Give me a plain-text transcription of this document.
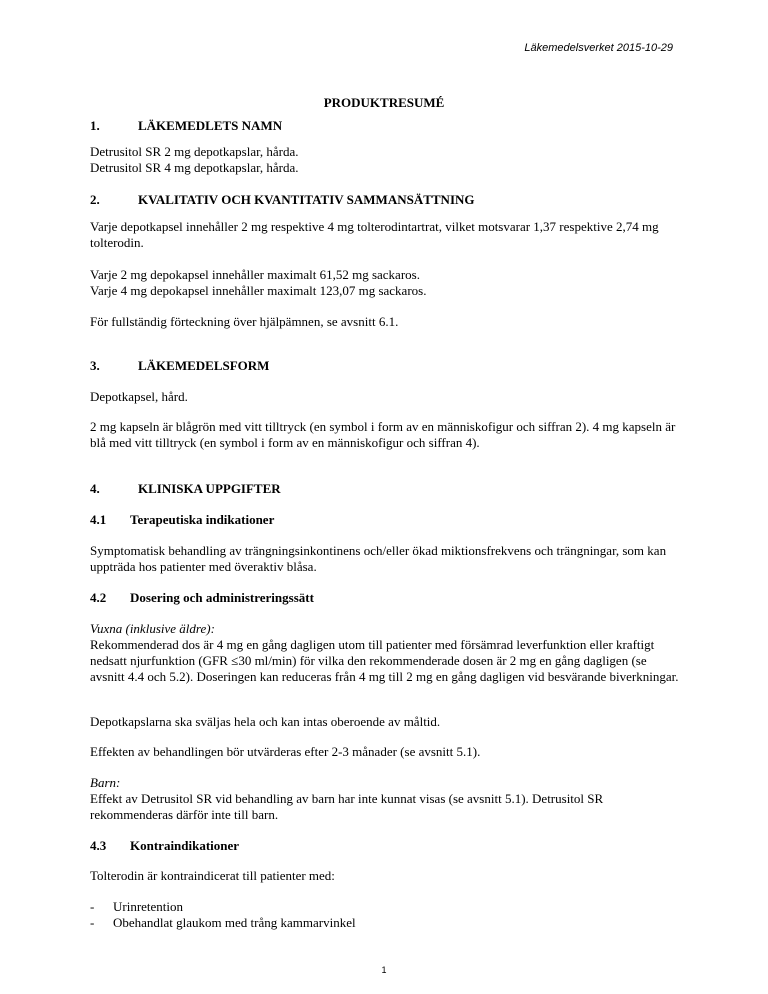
Läkemedelsverket 2015-10-29
PRODUKTRESUMÉ
1.	LÄKEMEDLETS NAMN
Detrusitol SR 2 mg depotkapslar, hårda.
Detrusitol SR 4 mg depotkapslar, hårda.
2.	KVALITATIV OCH KVANTITATIV SAMMANSÄTTNING
Varje depotkapsel innehåller 2 mg respektive 4 mg tolterodintartrat, vilket motsvarar 1,37 respektive 2,74 mg tolterodin.
Varje 2 mg depokapsel innehåller maximalt 61,52 mg sackaros.
Varje 4 mg depokapsel innehåller maximalt 123,07 mg sackaros.
För fullständig förteckning över hjälpämnen, se avsnitt 6.1.
3.	LÄKEMEDELSFORM
Depotkapsel, hård.
2 mg kapseln är blågrön med vitt tilltryck (en symbol i form av en människofigur och siffran 2). 4 mg kapseln är blå med vitt tilltryck (en symbol i form av en människofigur och siffran 4).
4.	KLINISKA UPPGIFTER
4.1 Terapeutiska indikationer
Symptomatisk behandling av trängningsinkontinens och/eller ökad miktionsfrekvens och trängningar, som kan uppträda hos patienter med överaktiv blåsa.
4.2 Dosering och administreringssätt
Vuxna (inklusive äldre):
Rekommenderad dos är 4 mg en gång dagligen utom till patienter med försämrad leverfunktion eller kraftigt nedsatt njurfunktion (GFR ≤30 ml/min) för vilka den rekommenderade dosen är 2 mg en gång dagligen (se avsnitt 4.4 och 5.2). Doseringen kan reduceras från 4 mg till 2 mg en gång dagligen vid besvärande biverkningar.
Depotkapslarna ska sväljas hela och kan intas oberoende av måltid.
Effekten av behandlingen bör utvärderas efter 2-3 månader (se avsnitt 5.1).
Barn:
Effekt av Detrusitol SR vid behandling av barn har inte kunnat visas (se avsnitt 5.1). Detrusitol SR rekommenderas därför inte till barn.
4.3 Kontraindikationer
Tolterodin är kontraindicerat till patienter med:
- Urinretention
- Obehandlat glaukom med trång kammarvinkel
1
